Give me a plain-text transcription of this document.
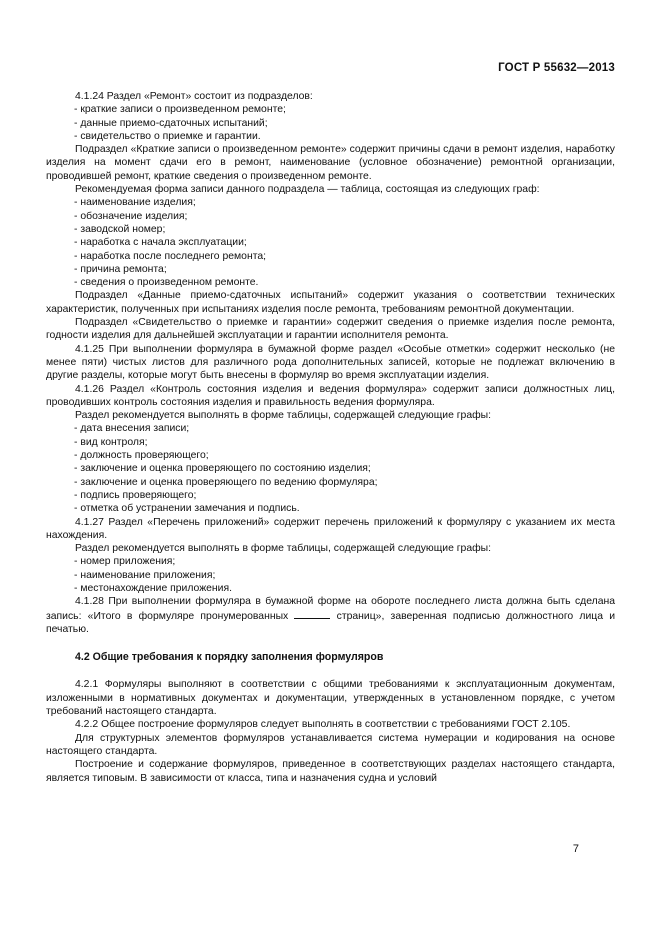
ГОСТ Р 55632—2013

4.1.24 Раздел «Ремонт» состоит из подразделов:

- краткие записи о произведенном ремонте;

- данные приемо-сдаточных испытаний;

- свидетельство о приемке и гарантии.

Подраздел «Краткие записи о произведенном ремонте» содержит причины сдачи в ремонт изделия, наработку изделия на момент сдачи его в ремонт, наименование (условное обозначение) ремонтной организации, проводившей ремонт, краткие сведения о произведенном ремонте.

Рекомендуемая форма записи данного подраздела — таблица, состоящая из следующих граф:

- наименование изделия;

- обозначение изделия;

- заводской номер;

- наработка с начала эксплуатации;

- наработка после последнего ремонта;

- причина ремонта;

- сведения о произведенном ремонте.

Подраздел «Данные приемо-сдаточных испытаний» содержит указания о соответствии технических характеристик, полученных при испытаниях изделия после ремонта, требованиям ремонтной документации.

Подраздел «Свидетельство о приемке и гарантии» содержит сведения о приемке изделия после ремонта, годности изделия для дальнейшей эксплуатации и гарантии исполнителя ремонта.

4.1.25 При выполнении формуляра в бумажной форме раздел «Особые отметки» содержит несколько (не менее пяти) чистых листов для различного рода дополнительных записей, которые не подлежат включению в другие разделы, которые могут быть внесены в формуляр во время эксплуатации изделия.

4.1.26 Раздел «Контроль состояния изделия и ведения формуляра» содержит записи должностных лиц, проводивших контроль состояния изделия и правильность ведения формуляра.

Раздел рекомендуется выполнять в форме таблицы, содержащей следующие графы:

- дата внесения записи;

- вид контроля;

- должность проверяющего;

- заключение и оценка проверяющего по состоянию изделия;

- заключение и оценка проверяющего по ведению формуляра;

- подпись проверяющего;

- отметка об устранении замечания и подпись.

4.1.27 Раздел «Перечень приложений» содержит перечень приложений к формуляру с указанием их места нахождения.

Раздел рекомендуется выполнять в форме таблицы, содержащей следующие графы:

- номер приложения;

- наименование приложения;

- местонахождение приложения.

4.1.28 При выполнении формуляра в бумажной форме на обороте последнего листа должна быть сделана запись: «Итого в формуляре пронумерованных	страниц», заверенная подписью должностного лица и печатью.

4.2 Общие требования к порядку заполнения формуляров

4.2.1 Формуляры выполняют в соответствии с общими требованиями к эксплуатационным документам, изложенными в нормативных документах и документации, утвержденных в установленном порядке, с учетом требований настоящего стандарта.

4.2.2 Общее построение формуляров следует выполнять в соответствии с требованиями ГОСТ 2.105.

Для структурных элементов формуляров устанавливается система нумерации и кодирования на основе настоящего стандарта.

Построение и содержание формуляров, приведенное в соответствующих разделах настоящего стандарта, является типовым. В зависимости от класса, типа и назначения судна и условий

7
